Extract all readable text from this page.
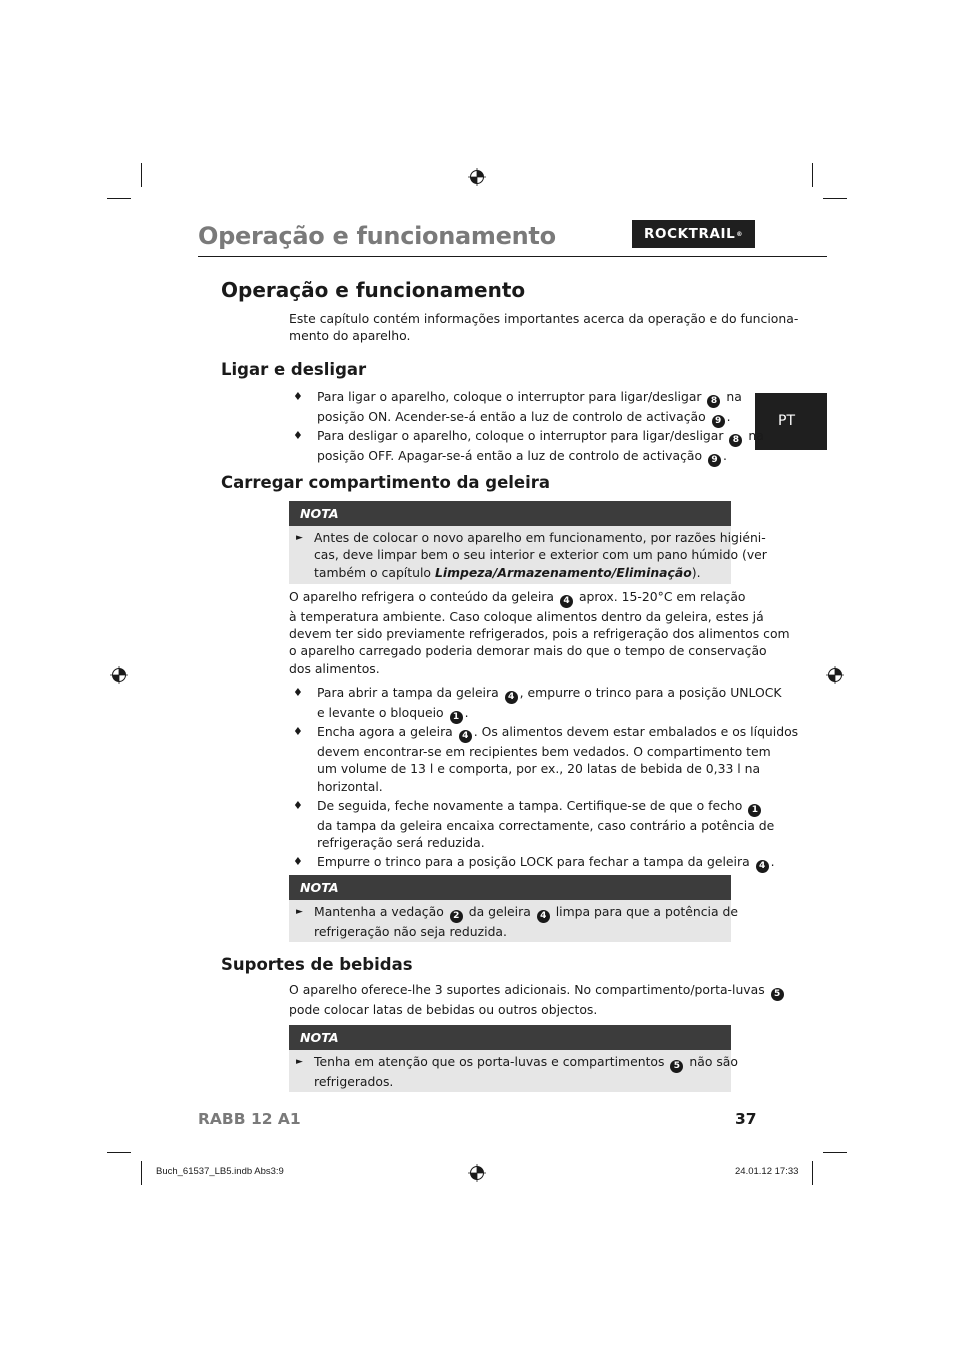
Operação e funcionamento	ROCKTRAIL ®
PT
Operação e funcionamento
Este capítulo contém informações importantes acerca da operação e do funciona-
mento do aparelho.
Ligar e desligar
♦ Para ligar o aparelho, coloque o interruptor para ligar/desligar 8 na
posição ON. Acender-se-á então a luz de controlo de activação 9 .
♦ Para desligar o aparelho, coloque o interruptor para ligar/desligar 8 na
posição OFF. Apagar-se-á então a luz de controlo de activação 9 .
Carregar compartimento da geleira
NOTA
► Antes de colocar o novo aparelho em funcionamento, por razões higiéni-
cas, deve limpar bem o seu interior e exterior com um pano húmido (ver
também o capítulo Limpeza/Armazenamento/Eliminação).
O aparelho refrigera o conteúdo da geleira 4 aprox. 15-20°C em relação
à temperatura ambiente. Caso coloque alimentos dentro da geleira, estes já
devem ter sido previamente refrigerados, pois a refrigeração dos alimentos com
o aparelho carregado poderia demorar mais do que o tempo de conservação
dos alimentos.
♦ Para abrir a tampa da geleira 4 , empurre o trinco para a posição UNLOCK
e levante o bloqueio 1 .
♦ Encha agora a geleira 4 . Os alimentos devem estar embalados e os líquidos
devem encontrar-se em recipientes bem vedados. O compartimento tem
um volume de 13 l e comporta, por ex., 20 latas de bebida de 0,33 l na
horizontal.
♦ De seguida, feche novamente a tampa. Certifique-se de que o fecho 1
da tampa da geleira encaixa correctamente, caso contrário a potência de
refrigeração será reduzida.
♦ Empurre o trinco para a posição LOCK para fechar a tampa da geleira 4 .
NOTA
► Mantenha a vedação 2 da geleira 4 limpa para que a potência de
refrigeração não seja reduzida.
Suportes de bebidas
O aparelho oferece-lhe 3 suportes adicionais. No compartimento/porta-luvas 5
pode colocar latas de bebidas ou outros objectos.
NOTA
► Tenha em atenção que os porta-luvas e compartimentos 5 não são
refrigerados.
RABB 12 A1	37
Buch_61537_LB5.indb Abs3:9	24.01.12 17:33
